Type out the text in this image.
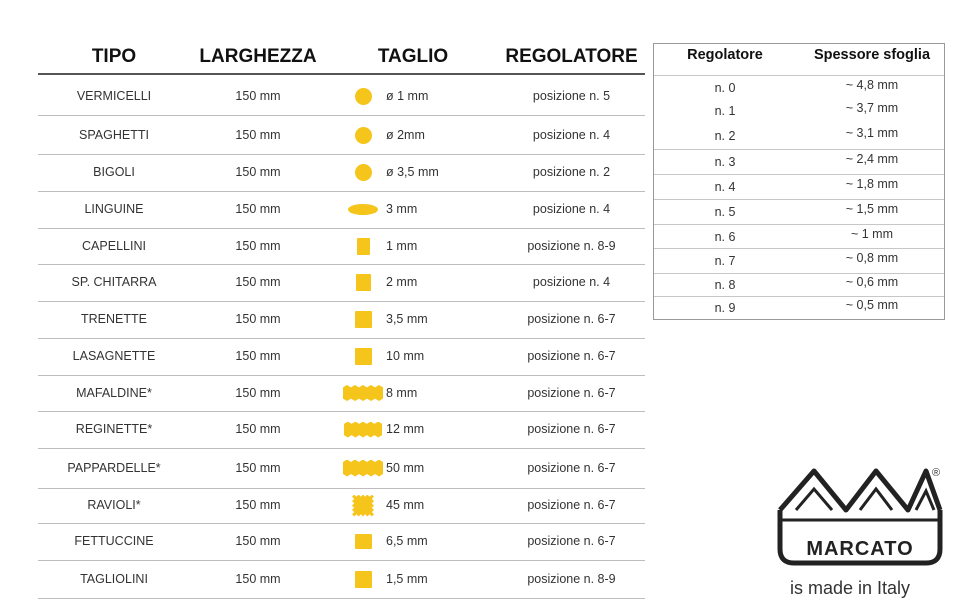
TIPO	LARGHEZZA	TAGLIO	REGOLATORE
VERMICELLI	150 mm	ø 1 mm	posizione n. 5
SPAGHETTI	150 mm	ø 2mm	posizione n. 4
BIGOLI	150 mm	ø 3,5 mm	posizione n. 2
LINGUINE	150 mm	3 mm	posizione n. 4
CAPELLINI	150 mm	1 mm	posizione n. 8-9
SP. CHITARRA	150 mm	2 mm	posizione n. 4
TRENETTE	150 mm	3,5 mm	posizione n. 6-7
LASAGNETTE	150 mm	10 mm	posizione n. 6-7
MAFALDINE*	150 mm	8 mm	posizione n. 6-7
REGINETTE*	150 mm	12 mm	posizione n. 6-7
PAPPARDELLE*	150 mm	50 mm	posizione n. 6-7
RAVIOLI*	150 mm	45 mm	posizione n. 6-7
FETTUCCINE	150 mm	6,5 mm	posizione n. 6-7
TAGLIOLINI	150 mm	1,5 mm	posizione n. 8-9
Regolatore	Spessore sfoglia
n. 0	~ 4,8 mm
n. 1	~ 3,7 mm
n. 2	~ 3,1 mm
n. 3	~ 2,4 mm
n. 4	~ 1,8 mm
n. 5	~ 1,5 mm
n. 6	~ 1 mm
n. 7	~ 0,8 mm
n. 8	~ 0,6 mm
n. 9	~ 0,5 mm
®
MARCATO
is made in Italy
